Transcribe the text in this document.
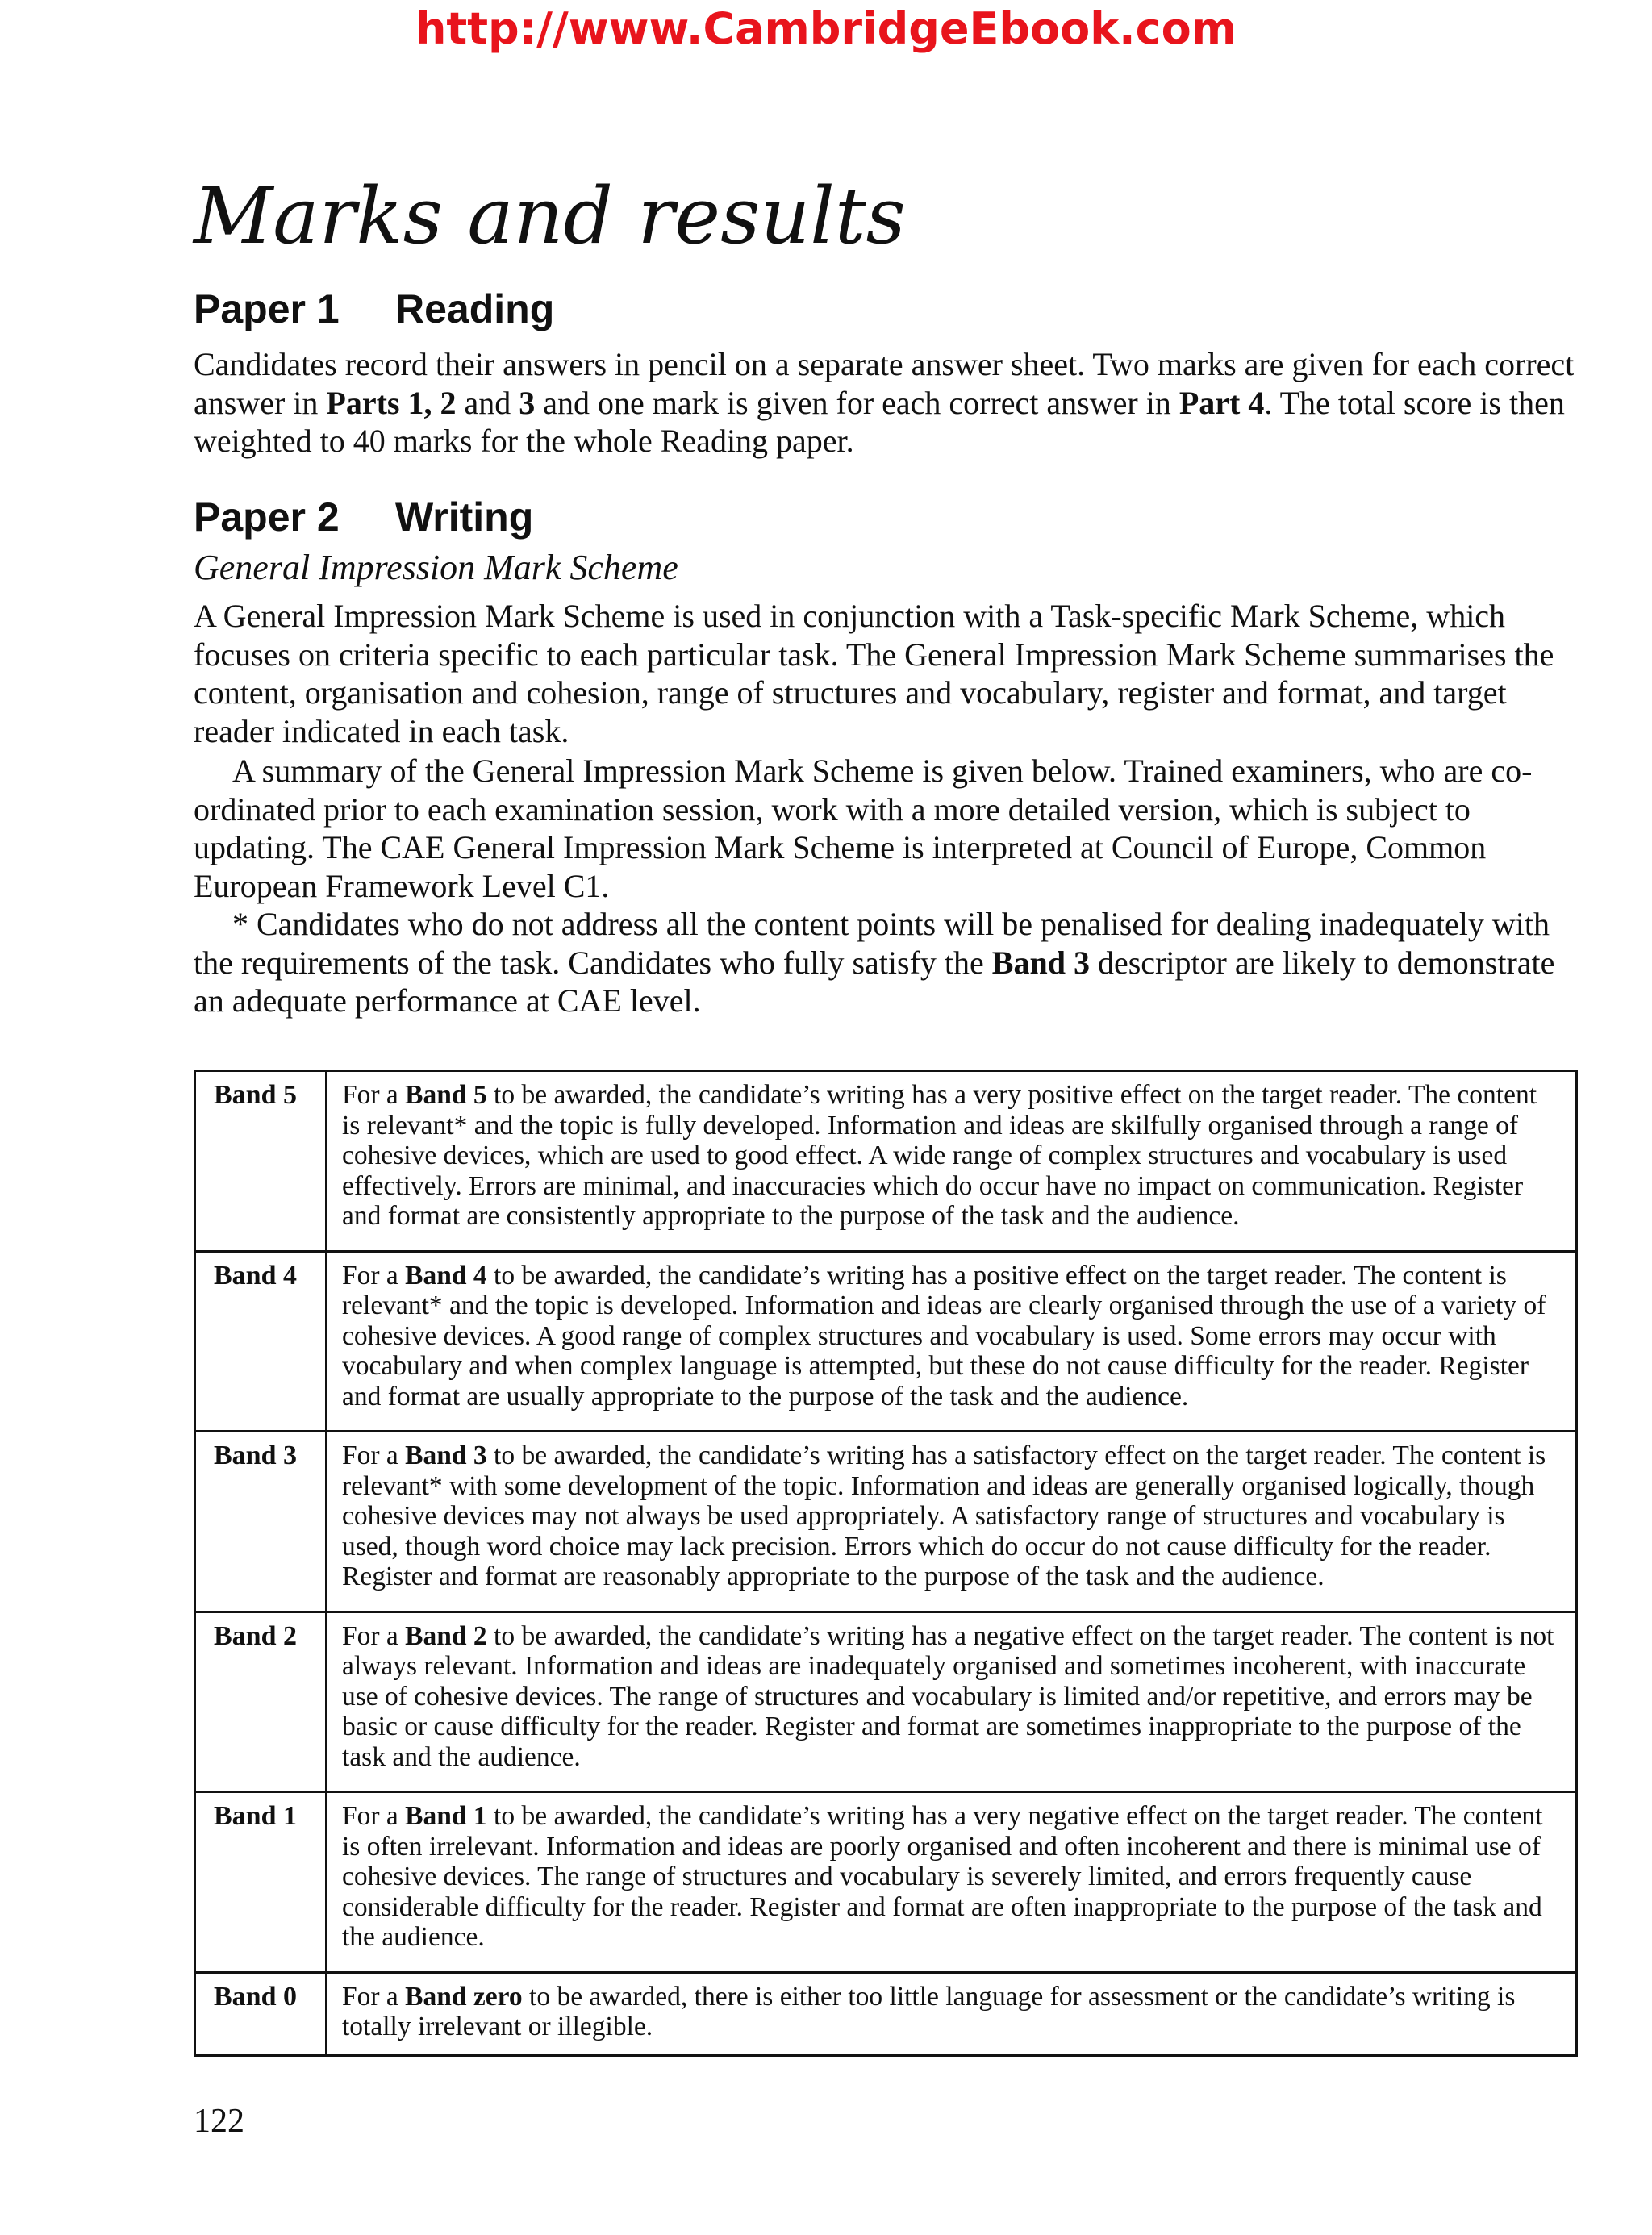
http://www.CambridgeEbook.com
Marks and results
Paper 1 Reading

Candidates record their answers in pencil on a separate answer sheet. Two marks are given for each correct answer in Parts 1, 2 and 3 and one mark is given for each correct answer in Part 4. The total score is then weighted to 40 marks for the whole Reading paper.

Paper 2 Writing
General Impression Mark Scheme

A General Impression Mark Scheme is used in conjunction with a Task-specific Mark Scheme, which focuses on criteria specific to each particular task. The General Impression Mark Scheme summarises the content, organisation and cohesion, range of structures and vocabulary, register and format, and target reader indicated in each task.

A summary of the General Impression Mark Scheme is given below. Trained examiners, who are co-ordinated prior to each examination session, work with a more detailed version, which is subject to updating. The CAE General Impression Mark Scheme is interpreted at Council of Europe, Common European Framework Level C1.

* Candidates who do not address all the content points will be penalised for dealing inadequately with the requirements of the task. Candidates who fully satisfy the Band 3 descriptor are likely to demonstrate an adequate performance at CAE level.

Band 5	For a Band 5 to be awarded, the candidate’s writing has a very positive effect on the target reader. The content is relevant* and the topic is fully developed. Information and ideas are skilfully organised through a range of cohesive devices, which are used to good effect. A wide range of complex structures and vocabulary is used effectively. Errors are minimal, and inaccuracies which do occur have no impact on communication. Register and format are consistently appropriate to the purpose of the task and the audience.
Band 4	For a Band 4 to be awarded, the candidate’s writing has a positive effect on the target reader. The content is relevant* and the topic is developed. Information and ideas are clearly organised through the use of a variety of cohesive devices. A good range of complex structures and vocabulary is used. Some errors may occur with vocabulary and when complex language is attempted, but these do not cause difficulty for the reader. Register and format are usually appropriate to the purpose of the task and the audience.
Band 3	For a Band 3 to be awarded, the candidate’s writing has a satisfactory effect on the target reader. The content is relevant* with some development of the topic. Information and ideas are generally organised logically, though cohesive devices may not always be used appropriately. A satisfactory range of structures and vocabulary is used, though word choice may lack precision. Errors which do occur do not cause difficulty for the reader. Register and format are reasonably appropriate to the purpose of the task and the audience.
Band 2	For a Band 2 to be awarded, the candidate’s writing has a negative effect on the target reader. The content is not always relevant. Information and ideas are inadequately organised and sometimes incoherent, with inaccurate use of cohesive devices. The range of structures and vocabulary is limited and/or repetitive, and errors may be basic or cause difficulty for the reader. Register and format are sometimes inappropriate to the purpose of the task and the audience.
Band 1	For a Band 1 to be awarded, the candidate’s writing has a very negative effect on the target reader. The content is often irrelevant. Information and ideas are poorly organised and often incoherent and there is minimal use of cohesive devices. The range of structures and vocabulary is severely limited, and errors frequently cause considerable difficulty for the reader. Register and format are often inappropriate to the purpose of the task and the audience.
Band 0	For a Band zero to be awarded, there is either too little language for assessment or the candidate’s writing is totally irrelevant or illegible.
122
